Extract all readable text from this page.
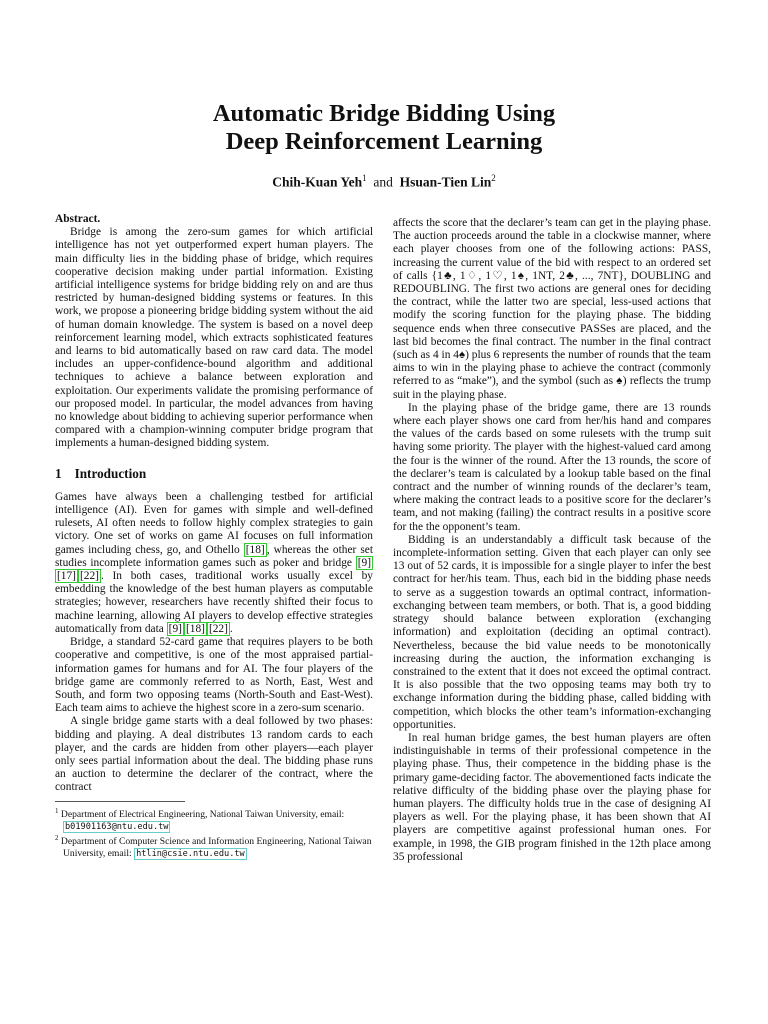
Automatic Bridge Bidding Using
Deep Reinforcement Learning
Chih-Kuan Yeh$^1$ and Hsuan-Tien Lin$^2$

Abstract.

Bridge is among the zero-sum games for which artificial intelligence has not yet outperformed expert human players. The main difficulty lies in the bidding phase of bridge, which requires cooperative decision making under partial information. Existing artificial intelligence systems for bridge bidding rely on and are thus restricted by human-designed bidding systems or features. In this work, we propose a pioneering bridge bidding system without the aid of human domain knowledge. The system is based on a novel deep reinforcement learning model, which extracts sophisticated features and learns to bid automatically based on raw card data. The model includes an upper-confidence-bound algorithm and additional techniques to achieve a balance between exploration and exploitation. Our experiments validate the promising performance of our proposed model. In particular, the model advances from having no knowledge about bidding to achieving superior performance when compared with a champion-winning computer bridge program that implements a human-designed bidding system.

1 Introduction

Games have always been a challenging testbed for artificial intelligence (AI). Even for games with simple and well-defined rulesets, AI often needs to follow highly complex strategies to gain victory. One set of works on game AI focuses on full information games including chess, go, and Othello [18] , whereas the other set studies incomplete information games such as poker and bridge [9][17] [22] . In both cases, traditional works usually excel by embedding the knowledge of the best human players as computable strategies; however, researchers have recently shifted their focus to machine learning, allowing AI players to develop effective strategies automatically from data [9] [18] [22] .

Bridge, a standard 52-card game that requires players to be both cooperative and competitive, is one of the most appraised partial-information games for humans and for AI. The four players of the bridge game are commonly referred to as North, East, West and South, and form two opposing teams (North-South and East-West). Each team aims to achieve the highest score in a zero-sum scenario.

A single bridge game starts with a deal followed by two phases: bidding and playing. A deal distributes 13 random cards to each player, and the cards are hidden from other players—each player only sees partial information about the deal. The bidding phase runs an auction to determine the declarer of the contract, where the contract

affects the score that the declarer’s team can get in the playing phase. The auction proceeds around the table in a clockwise manner, where each player chooses from one of the following actions: PASS, increasing the current value of the bid with respect to an ordered set of calls {1♣, 1♢, 1♡, 1♠, 1NT, 2♣, ..., 7NT}, DOUBLING and REDOUBLING. The first two actions are general ones for deciding the contract, while the latter two are special, less-used actions that modify the scoring function for the playing phase. The bidding sequence ends when three consecutive PASSes are placed, and the last bid becomes the final contract. The number in the final contract (such as 4 in 4♠) plus 6 represents the number of rounds that the team aims to win in the playing phase to achieve the contract (commonly referred to as “make”), and the symbol (such as ♠) reflects the trump suit in the playing phase.

In the playing phase of the bridge game, there are 13 rounds where each player shows one card from her/his hand and compares the values of the cards based on some rulesets with the trump suit having some priority. The player with the highest-valued card among the four is the winner of the round. After the 13 rounds, the score of the declarer’s team is calculated by a lookup table based on the final contract and the number of winning rounds of the declarer’s team, where making the contract leads to a positive score for the declarer’s team, and not making (failing) the contract results in a positive score for the the opponent’s team.

Bidding is an understandably a difficult task because of the incomplete-information setting. Given that each player can only see 13 out of 52 cards, it is impossible for a single player to infer the best contract for her/his team. Thus, each bid in the bidding phase needs to serve as a suggestion towards an optimal contract, information-exchanging between team members, or both. That is, a good bidding strategy should balance between exploration (exchanging information) and exploitation (deciding an optimal contract). Nevertheless, because the bid value needs to be monotonically increasing during the auction, the information exchanging is constrained to the extent that it does not exceed the optimal contract. It is also possible that the two opposing teams may both try to exchange information during the bidding phase, called bidding with competition, which blocks the other team’s information-exchanging opportunities.

In real human bridge games, the best human players are often indistinguishable in terms of their professional competence in the playing phase. Thus, their competence in the bidding phase is the primary game-deciding factor. The abovementioned facts indicate the relative difficulty of the bidding phase over the playing phase for human players. The difficulty holds true in the case of designing AI players as well. For the playing phase, it has been shown that AI players are competitive against professional human ones. For example, in 1998, the GIB program finished in the 12th place among 35 professional

$^1$ Department of Electrical Engineering, National Taiwan University, email: b01901163@ntu.edu.tw
$^2$ Department of Computer Science and Information Engineering, National Taiwan University, email: htlin@csie.ntu.edu.tw
